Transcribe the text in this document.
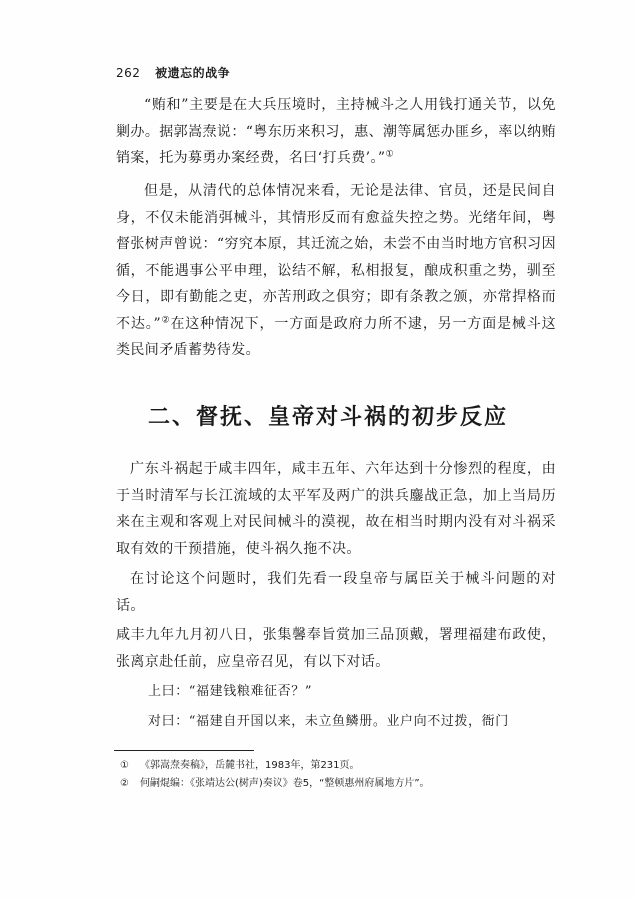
262 被遗忘的战争
“贿和”主要是在大兵压境时，主持械斗之人用钱打通关节，以免剿办。据郭嵩焘说：“粤东历来积习，惠、潮等属惩办匪乡，率以纳贿销案，托为募勇办案经费，名曰‘打兵费’。”①
但是，从清代的总体情况来看，无论是法律、官员，还是民间自身，不仅未能消弭械斗，其情形反而有愈益失控之势。光绪年间，粤督张树声曾说：“穷究本原，其迁流之始，未尝不由当时地方官积习因循，不能遇事公平申理，讼结不解，私相报复，酿成积重之势，驯至今日，即有勤能之吏，亦苦刑政之俱穷；即有条教之颁，亦常捍格而不达。”②在这种情况下，一方面是政府力所不逮，另一方面是械斗这类民间矛盾蓄势待发。
二、督抚、皇帝对斗祸的初步反应
广东斗祸起于咸丰四年，咸丰五年、六年达到十分惨烈的程度，由于当时清军与长江流域的太平军及两广的洪兵鏖战正急，加上当局历来在主观和客观上对民间械斗的漠视，故在相当时期内没有对斗祸采取有效的干预措施，使斗祸久拖不决。
在讨论这个问题时，我们先看一段皇帝与属臣关于械斗问题的对话。
咸丰九年九月初八日，张集馨奉旨赏加三品顶戴，署理福建布政使，张离京赴任前，应皇帝召见，有以下对话。
上曰：“福建钱粮难征否？”
对曰：“福建自开国以来，未立鱼鳞册。业户向不过拨，衙门
① 《郭嵩焘奏稿》，岳麓书社，1983年，第231页。
② 何嗣焜编：《张靖达公(树声)奏议》卷5，“整顿惠州府属地方片”。
